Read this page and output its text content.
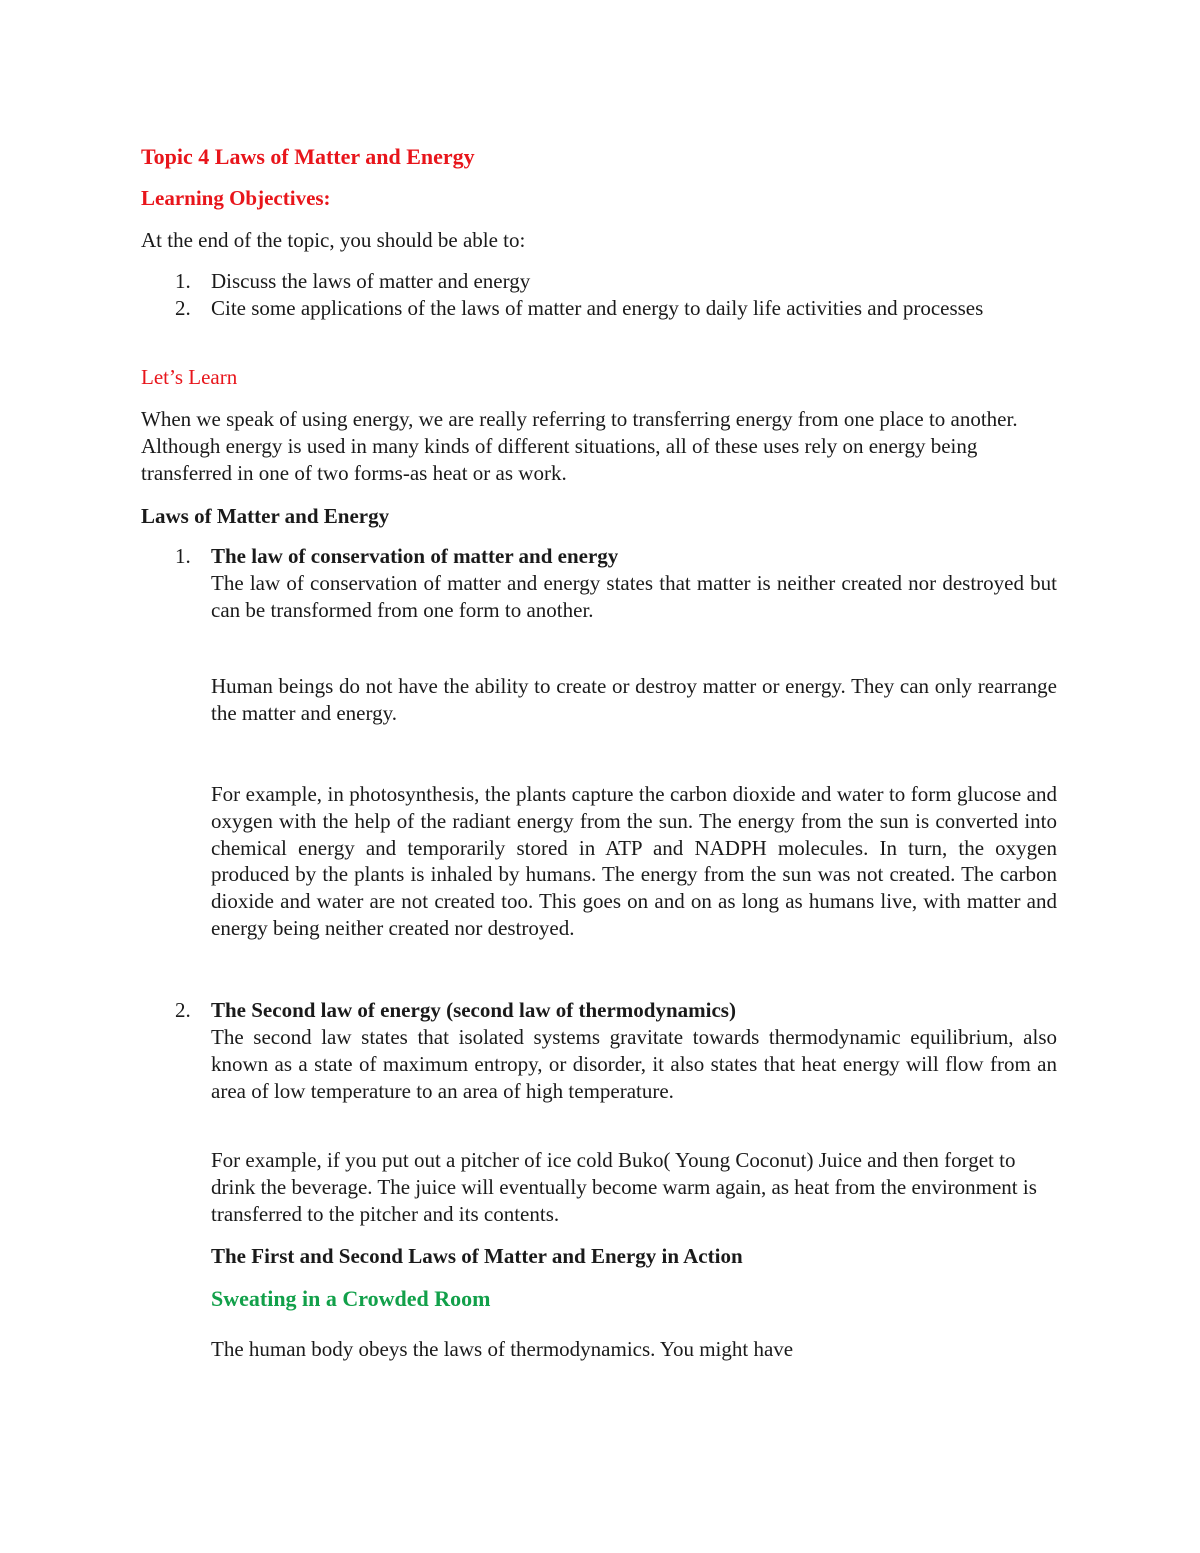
Topic 4 Laws of Matter and Energy
Learning Objectives:
At the end of the topic, you should be able to:
1. Discuss the laws of matter and energy
2. Cite some applications of the laws of matter and energy to daily life activities and processes
Let’s Learn
When we speak of using energy, we are really referring to transferring energy from one place to another. Although energy is used in many kinds of different situations, all of these uses rely on energy being transferred in one of two forms-as heat or as work.
Laws of Matter and Energy
1. The law of conservation of matter and energy
The law of conservation of matter and energy states that matter is neither created nor destroyed but can be transformed from one form to another.
Human beings do not have the ability to create or destroy matter or energy. They can only rearrange the matter and energy.
For example, in photosynthesis, the plants capture the carbon dioxide and water to form glucose and oxygen with the help of the radiant energy from the sun. The energy from the sun is converted into chemical energy and temporarily stored in ATP and NADPH molecules. In turn, the oxygen produced by the plants is inhaled by humans. The energy from the sun was not created. The carbon dioxide and water are not created too. This goes on and on as long as humans live, with matter and energy being neither created nor destroyed.
2. The Second law of energy (second law of thermodynamics)
The second law states that isolated systems gravitate towards thermodynamic equilibrium, also known as a state of maximum entropy, or disorder, it also states that heat energy will flow from an area of low temperature to an area of high temperature.
For example, if you put out a pitcher of ice cold Buko( Young Coconut) Juice and then forget to drink the beverage. The juice will eventually become warm again, as heat from the environment is transferred to the pitcher and its contents.
The First and Second Laws of Matter and Energy in Action
Sweating in a Crowded Room
The human body obeys the laws of thermodynamics. You might have
